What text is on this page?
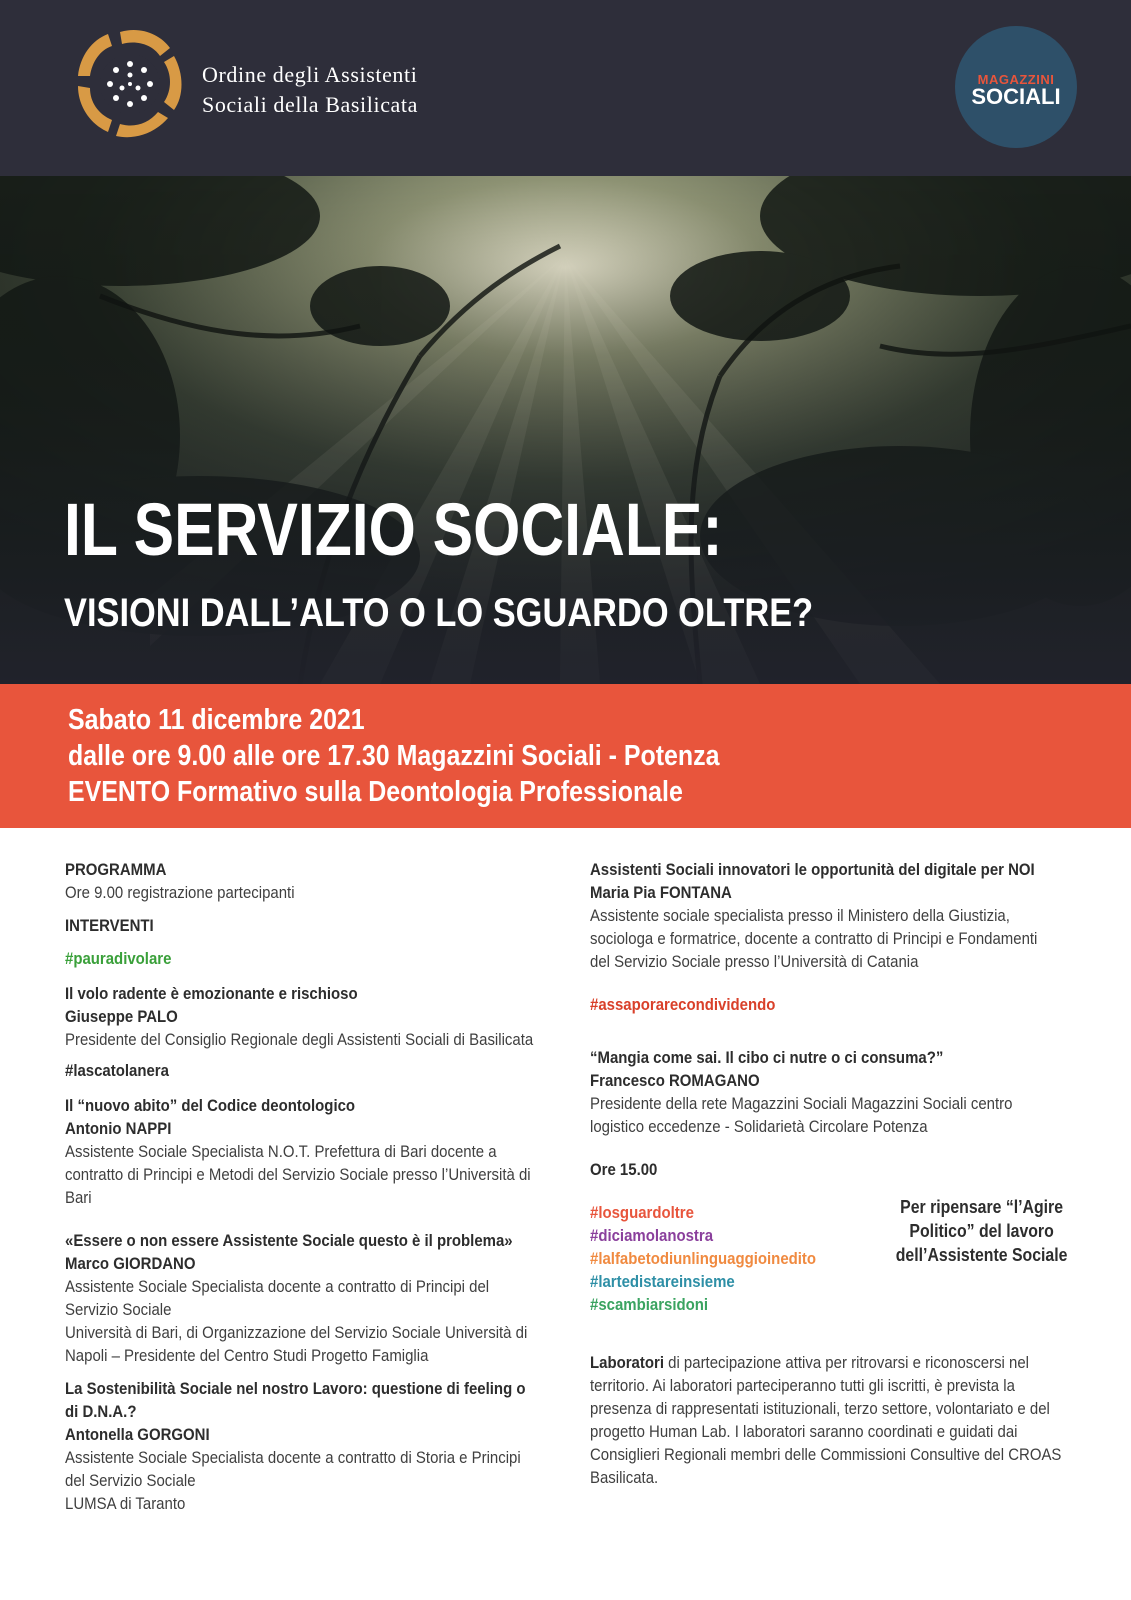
Ordine degli Assistenti
Sociali della Basilicata
MAGAZZINI
SOCIALI
IL SERVIZIO SOCIALE:
VISIONI DALL’ALTO O LO SGUARDO OLTRE?
Sabato 11 dicembre 2021
dalle ore 9.00 alle ore 17.30 Magazzini Sociali - Potenza
EVENTO Formativo sulla Deontologia Professionale
PROGRAMMA
Ore 9.00 registrazione partecipanti
INTERVENTI
#pauradivolare
Il volo radente è emozionante e rischioso
Giuseppe PALO
Presidente del Consiglio Regionale degli Assistenti Sociali di Basilicata
#lascatolanera
Il “nuovo abito” del Codice deontologico
Antonio NAPPI
Assistente Sociale Specialista N.O.T. Prefettura di Bari docente a
contratto di Principi e Metodi del Servizio Sociale presso l’Università di
Bari
«Essere o non essere Assistente Sociale questo è il problema»
Marco GIORDANO
Assistente Sociale Specialista docente a contratto di Principi del
Servizio Sociale
Università di Bari, di Organizzazione del Servizio Sociale Università di
Napoli – Presidente del Centro Studi Progetto Famiglia
La Sostenibilità Sociale nel nostro Lavoro: questione di feeling o
di D.N.A.?
Antonella GORGONI
Assistente Sociale Specialista docente a contratto di Storia e Principi
del Servizio Sociale
LUMSA di Taranto
Assistenti Sociali innovatori le opportunità del digitale per NOI
Maria Pia FONTANA
Assistente sociale specialista presso il Ministero della Giustizia,
sociologa e formatrice, docente a contratto di Principi e Fondamenti
del Servizio Sociale presso l’Università di Catania
#assaporarecondividendo
“Mangia come sai. Il cibo ci nutre o ci consuma?”
Francesco ROMAGANO
Presidente della rete Magazzini Sociali Magazzini Sociali centro
logistico eccedenze - Solidarietà Circolare Potenza
Ore 15.00
#losguardoltre
#diciamolanostra
#lalfabetodiunlinguaggioinedito
#lartedistareinsieme
#scambiarsidoni
Per ripensare “l’Agire
Politico” del lavoro
dell’Assistente Sociale
Laboratori di partecipazione attiva per ritrovarsi e riconoscersi nel
territorio. Ai laboratori parteciperanno tutti gli iscritti, è prevista la
presenza di rappresentati istituzionali, terzo settore, volontariato e del
progetto Human Lab. I laboratori saranno coordinati e guidati dai
Consiglieri Regionali membri delle Commissioni Consultive del CROAS
Basilicata.
